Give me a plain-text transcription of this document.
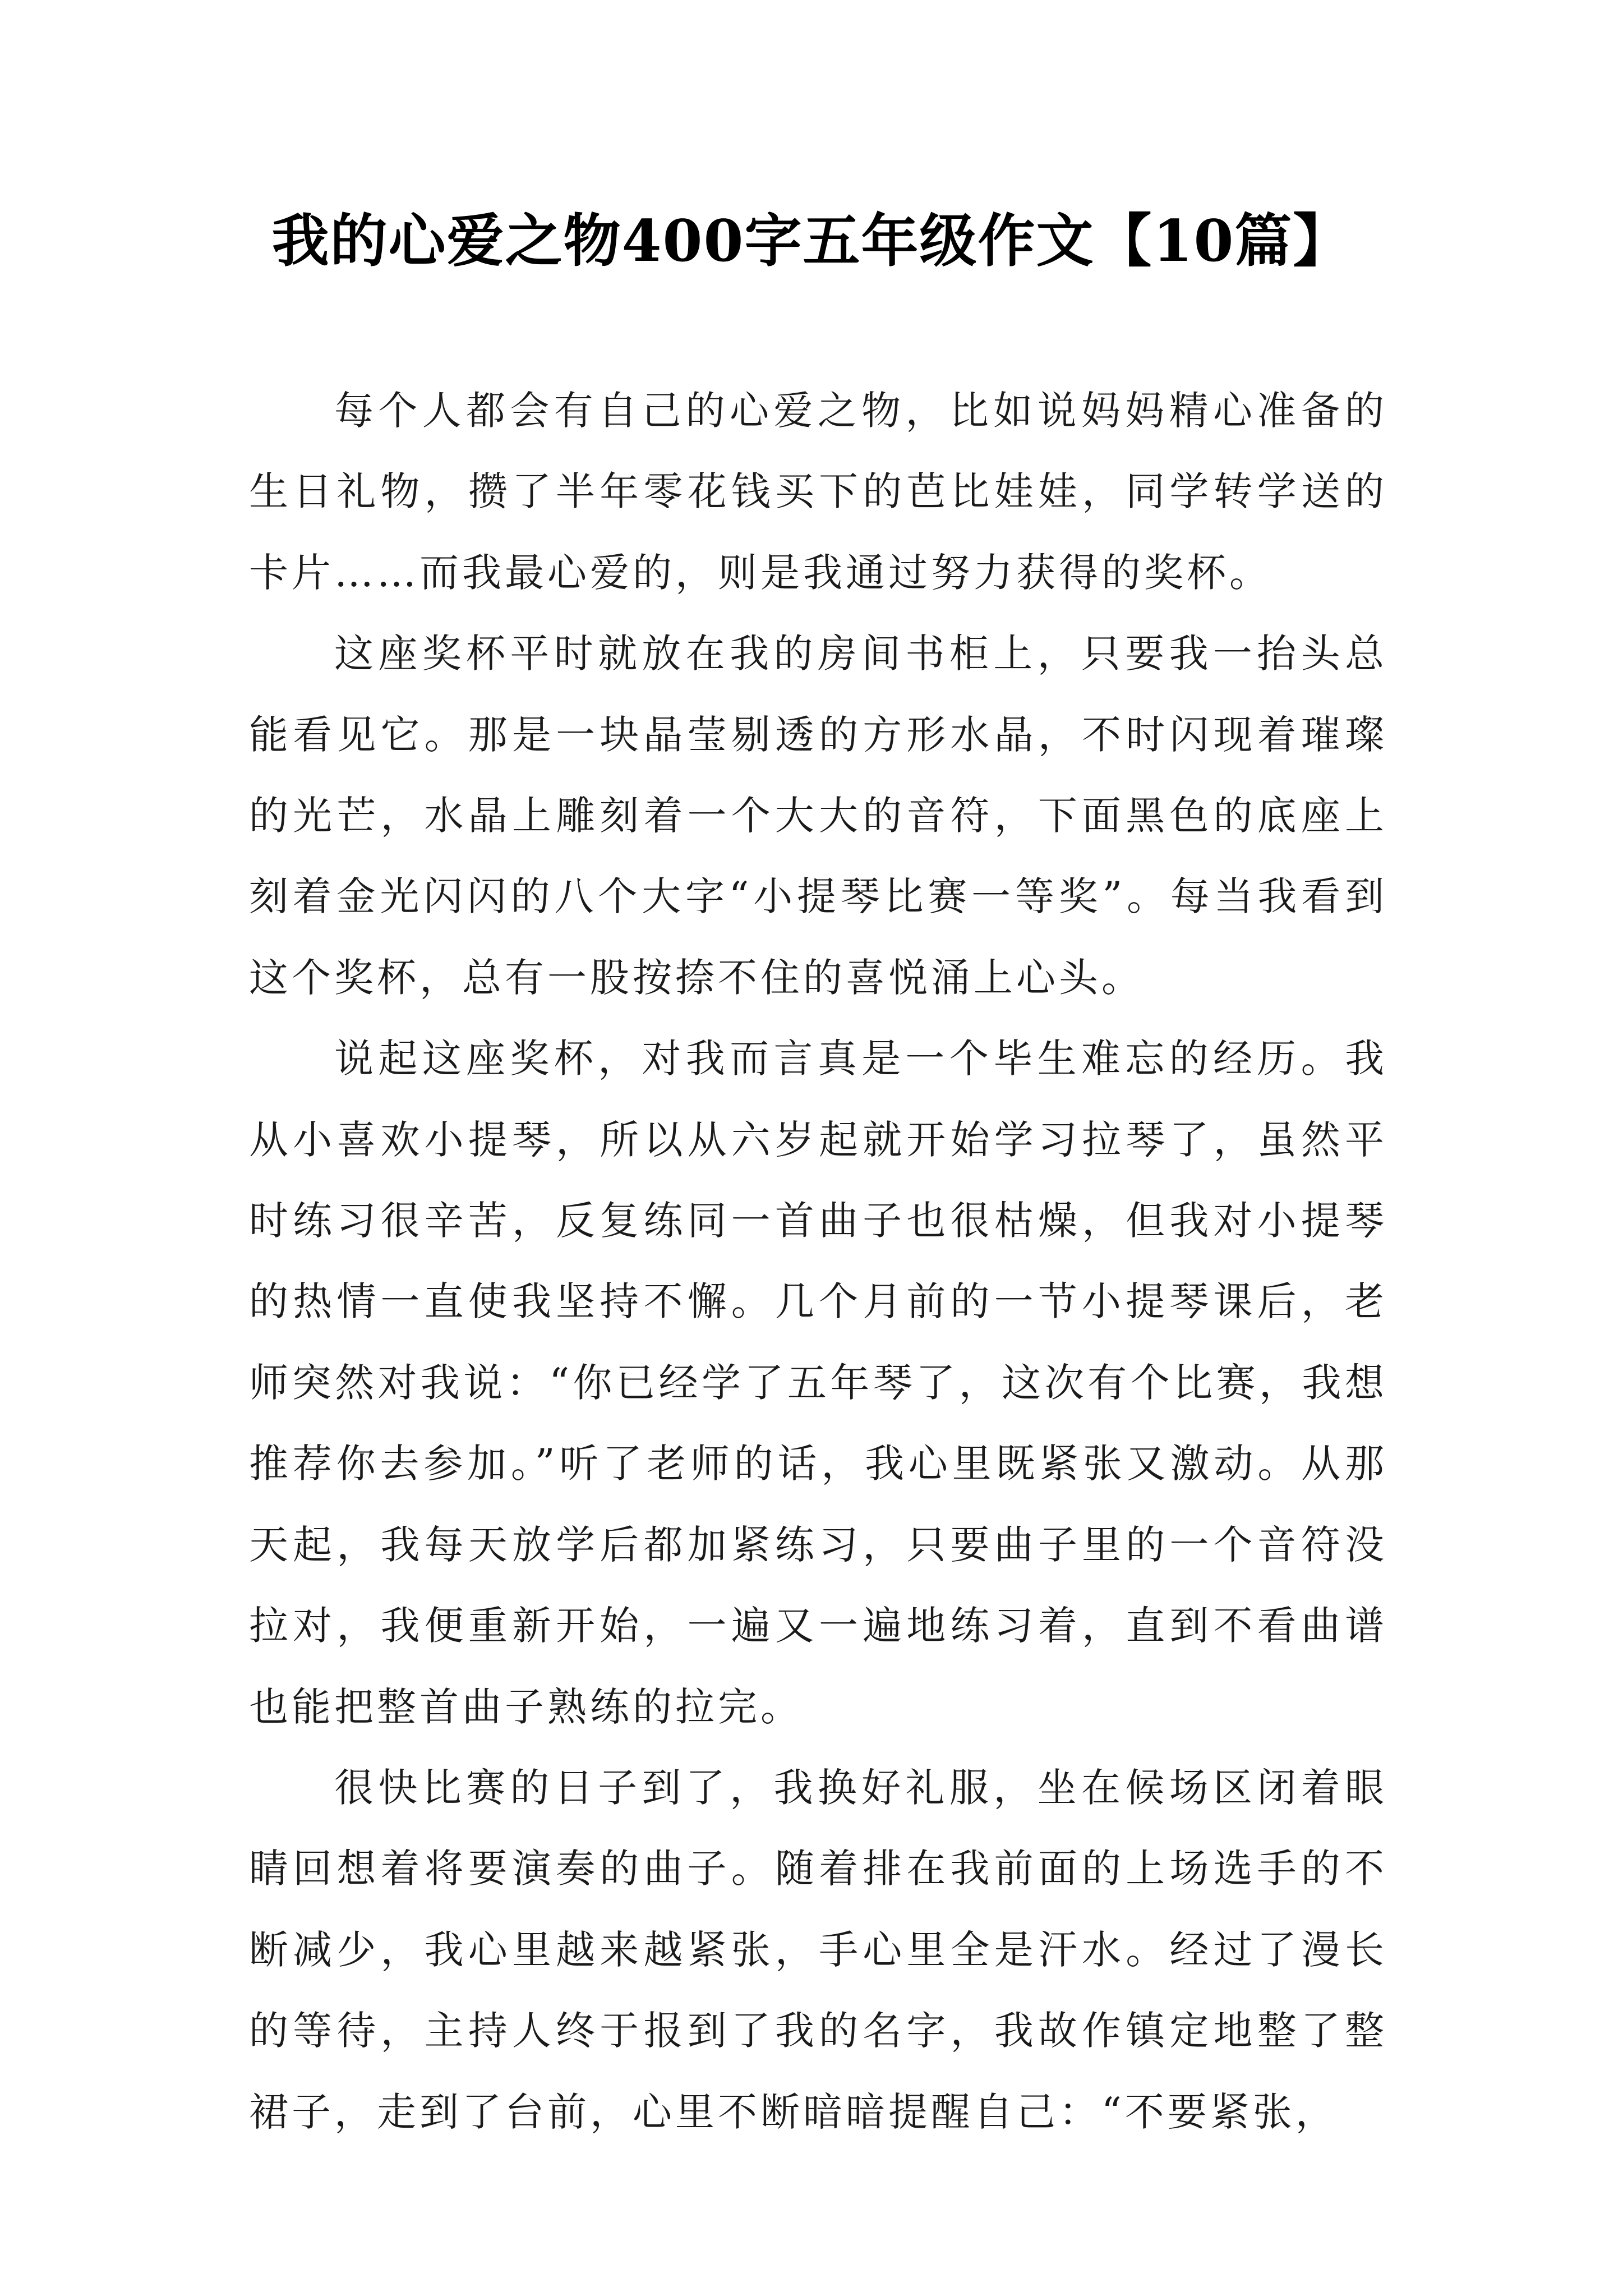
我的心爱之物400字五年级作文【10篇】

每个人都会有自己的心爱之物，比如说妈妈精心准备的生日礼物，攒了半年零花钱买下的芭比娃娃，同学转学送的卡片……而我最心爱的，则是我通过努力获得的奖杯。

这座奖杯平时就放在我的房间书柜上，只要我一抬头总能看见它。那是一块晶莹剔透的方形水晶，不时闪现着璀璨的光芒，水晶上雕刻着一个大大的音符，下面黑色的底座上刻着金光闪闪的八个大字“小提琴比赛一等奖”。每当我看到这个奖杯，总有一股按捺不住的喜悦涌上心头。

说起这座奖杯，对我而言真是一个毕生难忘的经历。我从小喜欢小提琴，所以从六岁起就开始学习拉琴了，虽然平时练习很辛苦，反复练同一首曲子也很枯燥，但我对小提琴的热情一直使我坚持不懈。几个月前的一节小提琴课后，老师突然对我说：“你已经学了五年琴了，这次有个比赛，我想推荐你去参加。”听了老师的话，我心里既紧张又激动。从那天起，我每天放学后都加紧练习，只要曲子里的一个音符没拉对，我便重新开始，一遍又一遍地练习着，直到不看曲谱也能把整首曲子熟练的拉完。

很快比赛的日子到了，我换好礼服，坐在候场区闭着眼睛回想着将要演奏的曲子。随着排在我前面的上场选手的不断减少，我心里越来越紧张，手心里全是汗水。经过了漫长的等待，主持人终于报到了我的名字，我故作镇定地整了整裙子，走到了台前，心里不断暗暗提醒自己：“不要紧张，
